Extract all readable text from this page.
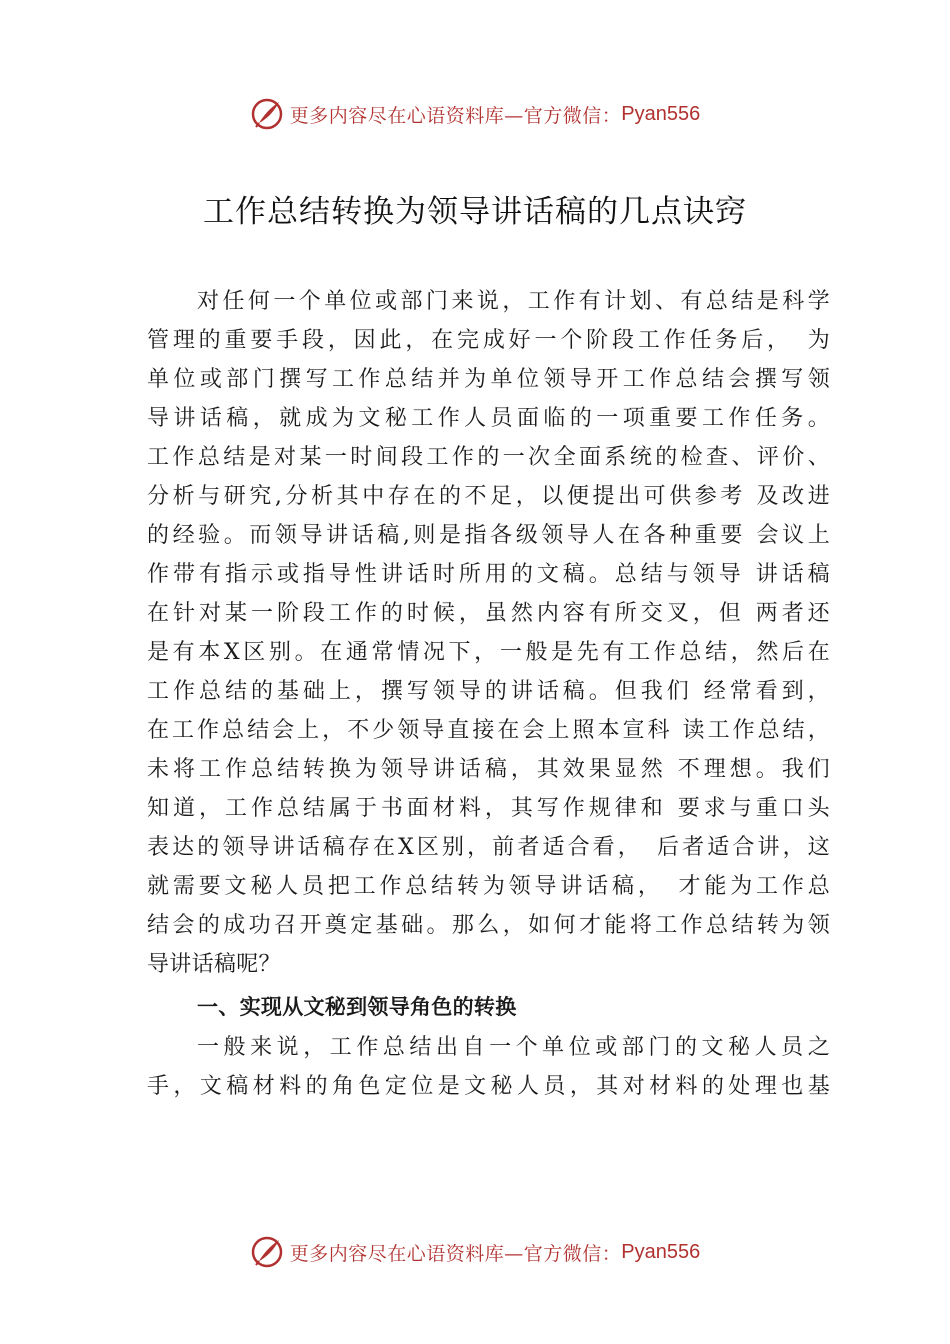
更多内容尽在心语资料库—官方微信： Pyan556
工作总结转换为领导讲话稿的几点诀窍
对任何一个单位或部门来说，工作有计划、有总结是科学
管理的重要手段，因此，在完成好一个阶段工作任务后，　为
单位或部门撰写工作总结并为单位领导开工作总结会撰写领
导讲话稿，就成为文秘工作人员面临的一项重要工作任务。
工作总结是对某一时间段工作的一次全面系统的检查、评价、
分析与研究,分析其中存在的不足，以便提出可供参考 及改进
的经验。而领导讲话稿,则是指各级领导人在各种重要 会议上
作带有指示或指导性讲话时所用的文稿。总结与领导 讲话稿
在针对某一阶段工作的时候，虽然内容有所交叉，但 两者还
是有本X区别。在通常情况下，一般是先有工作总结，然后在
工作总结的基础上，撰写领导的讲话稿。但我们 经常看到，
在工作总结会上，不少领导直接在会上照本宣科 读工作总结，
未将工作总结转换为领导讲话稿，其效果显然 不理想。我们
知道，工作总结属于书面材料，其写作规律和 要求与重口头
表达的领导讲话稿存在X区别，前者适合看，　后者适合讲，这
就需要文秘人员把工作总结转为领导讲话稿，　才能为工作总
结会的成功召开奠定基础。那么，如何才能将工作总结转为领
导讲话稿呢？
一、实现从文秘到领导角色的转换
一般来说，工作总结出自一个单位或部门的文秘人员之
手，文稿材料的角色定位是文秘人员，其对材料的处理也基
更多内容尽在心语资料库—官方微信： Pyan556
